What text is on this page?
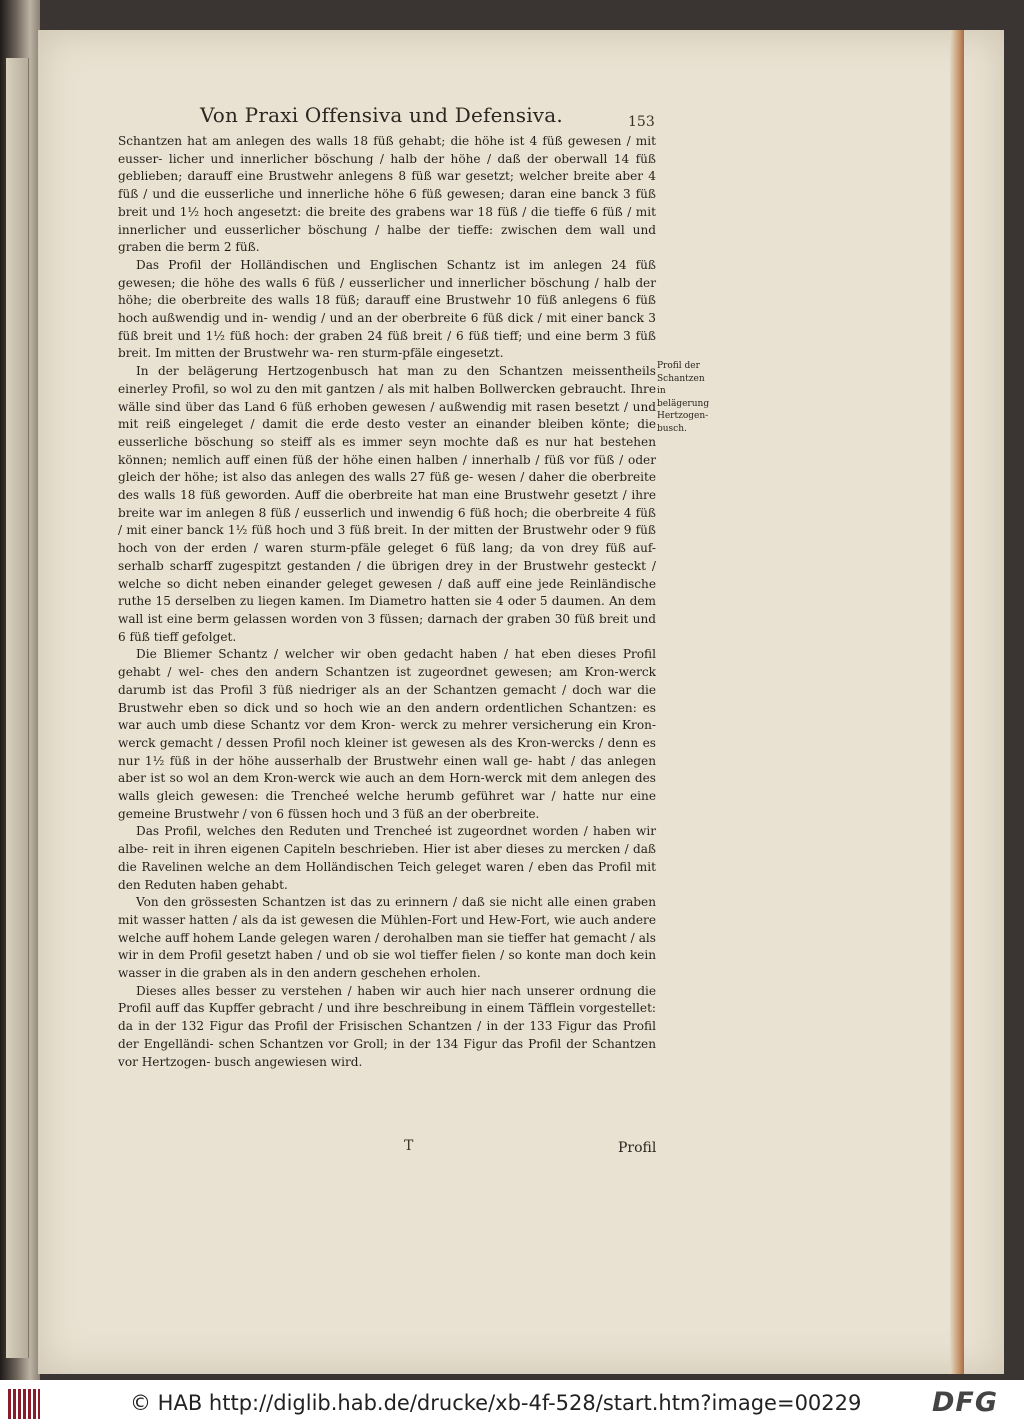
Von Praxi Offensiva und Defensiva.	153

Schantzen hat am anlegen des walls 18 füß gehabt; die höhe ist 4 füß gewesen / mit eusser- licher und innerlicher böschung / halb der höhe / daß der oberwall 14 füß geblieben; darauff eine Brustwehr anlegens 8 füß war gesetzt; welcher breite aber 4 füß / und die eusserliche und innerliche höhe 6 füß gewesen; daran eine banck 3 füß breit und 1½ hoch angesetzt: die breite des grabens war 18 füß / die tieffe 6 füß / mit innerlicher und eusserlicher böschung / halbe der tieffe: zwischen dem wall und graben die berm 2 füß.

Das Profil der Holländischen und Englischen Schantz ist im anlegen 24 füß gewesen; die höhe des walls 6 füß / eusserlicher und innerlicher böschung / halb der höhe; die oberbreite des walls 18 füß; darauff eine Brustwehr 10 füß anlegens 6 füß hoch außwendig und in- wendig / und an der oberbreite 6 füß dick / mit einer banck 3 füß breit und 1½ füß hoch: der graben 24 füß breit / 6 füß tieff; und eine berm 3 füß breit. Im mitten der Brustwehr wa- ren sturm-pfäle eingesetzt.

In der belägerung Hertzogenbusch hat man zu den Schantzen meissentheils einerley Profil, so wol zu den mit gantzen / als mit halben Bollwercken gebraucht. Ihre wälle sind über das Land 6 füß erhoben gewesen / außwendig mit rasen besetzt / und mit reiß eingeleget / damit die erde desto vester an einander bleiben könte; die eusserliche böschung so steiff als es immer seyn mochte daß es nur hat bestehen können; nemlich auff einen füß der höhe einen halben / innerhalb / füß vor füß / oder gleich der höhe; ist also das anlegen des walls 27 füß ge- wesen / daher die oberbreite des walls 18 füß geworden. Auff die oberbreite hat man eine Brustwehr gesetzt / ihre breite war im anlegen 8 füß / eusserlich und inwendig 6 füß hoch; die oberbreite 4 füß / mit einer banck 1½ füß hoch und 3 füß breit. In der mitten der Brustwehr oder 9 füß hoch von der erden / waren sturm-pfäle geleget 6 füß lang; da von drey füß auf- serhalb scharff zugespitzt gestanden / die übrigen drey in der Brustwehr gesteckt / welche so dicht neben einander geleget gewesen / daß auff eine jede Reinländische ruthe 15 derselben zu liegen kamen. Im Diametro hatten sie 4 oder 5 daumen. An dem wall ist eine berm gelassen worden von 3 füssen; darnach der graben 30 füß breit und 6 füß tieff gefolget.

Die Bliemer Schantz / welcher wir oben gedacht haben / hat eben dieses Profil gehabt / wel- ches den andern Schantzen ist zugeordnet gewesen; am Kron-werck darumb ist das Profil 3 füß niedriger als an der Schantzen gemacht / doch war die Brustwehr eben so dick und so hoch wie an den andern ordentlichen Schantzen: es war auch umb diese Schantz vor dem Kron- werck zu mehrer versicherung ein Kron-werck gemacht / dessen Profil noch kleiner ist gewesen als des Kron-wercks / denn es nur 1½ füß in der höhe ausserhalb der Brustwehr einen wall ge- habt / das anlegen aber ist so wol an dem Kron-werck wie auch an dem Horn-werck mit dem anlegen des walls gleich gewesen: die Trencheé welche herumb geführet war / hatte nur eine gemeine Brustwehr / von 6 füssen hoch und 3 füß an der oberbreite.

Das Profil, welches den Reduten und Trencheé ist zugeordnet worden / haben wir albe- reit in ihren eigenen Capiteln beschrieben. Hier ist aber dieses zu mercken / daß die Ravelinen welche an dem Holländischen Teich geleget waren / eben das Profil mit den Reduten haben gehabt.

Von den grössesten Schantzen ist das zu erinnern / daß sie nicht alle einen graben mit wasser hatten / als da ist gewesen die Mühlen-Fort und Hew-Fort, wie auch andere welche auff hohem Lande gelegen waren / derohalben man sie tieffer hat gemacht / als wir in dem Profil gesetzt haben / und ob sie wol tieffer fielen / so konte man doch kein wasser in die graben als in den andern geschehen erholen.

Dieses alles besser zu verstehen / haben wir auch hier nach unserer ordnung die Profil auff das Kupffer gebracht / und ihre beschreibung in einem Täfflein vorgestellet: da in der 132 Figur das Profil der Frisischen Schantzen / in der 133 Figur das Profil der Engelländi- schen Schantzen vor Groll; in der 134 Figur das Profil der Schantzen vor Hertzogen- busch angewiesen wird.

Profil der Schantzen in belägerung Hertzogen- busch.
T	Profil
© HAB http://diglib.hab.de/drucke/xb-4f-528/start.htm?image=00229	DFG
